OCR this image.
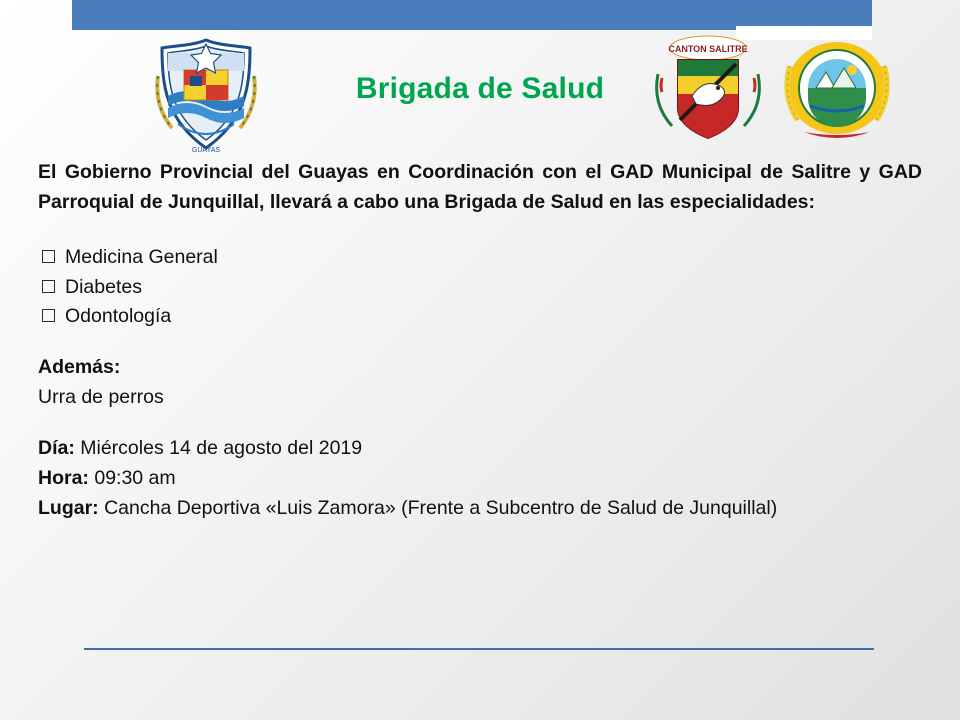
GUAYAS
CANTON SALITRE
Brigada de Salud

El Gobierno Provincial del Guayas en Coordinación con el GAD Municipal de Salitre y GAD Parroquial de Junquillal, llevará a cabo una Brigada de Salud en las especialidades:

Medicina General
Diabetes
Odontología

Además:

Urra de perros

Día: Miércoles 14 de agosto del 2019

Hora: 09:30 am

Lugar: Cancha Deportiva «Luis Zamora» (Frente a Subcentro de Salud de Junquillal)
